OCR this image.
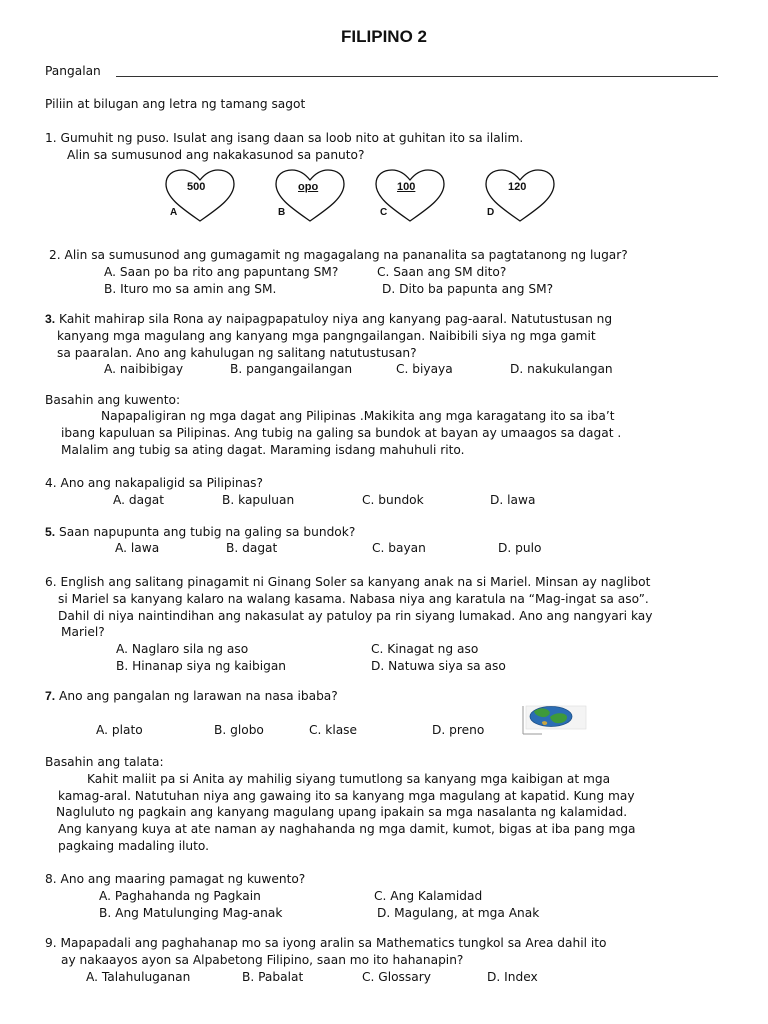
FILIPINO 2
Pangalan
Piliin at bilugan ang letra ng tamang sagot
1. Gumuhit ng puso. Isulat ang isang daan sa loob nito at guhitan ito sa ilalim.
Alin sa sumusunod ang nakakasunod sa panuto?
500
A
opo
B
100
C
120
D
2. Alin sa sumusunod ang gumagamit ng magagalang na pananalita sa pagtatanong ng lugar?
A. Saan po ba rito ang papuntang SM?	C. Saan ang SM dito?
B. Ituro mo sa amin ang SM.	D. Dito ba papunta ang SM?
3. Kahit mahirap sila Rona ay naipagpapatuloy niya ang kanyang pag-aaral. Natutustusan ng
kanyang mga magulang ang kanyang mga pangngailangan. Naibibili siya ng mga gamit
sa paaralan. Ano ang kahulugan ng salitang natutustusan?
A. naibibigay	B. pangangailangan	C. biyaya	D. nakukulangan
Basahin ang kuwento:
Napapaligiran ng mga dagat ang Pilipinas .Makikita ang mga karagatang ito sa iba’t
ibang kapuluan sa Pilipinas. Ang tubig na galing sa bundok at bayan ay umaagos sa dagat .
Malalim ang tubig sa ating dagat. Maraming isdang mahuhuli rito.
4. Ano ang nakapaligid sa Pilipinas?
A. dagat	B. kapuluan	C. bundok	D. lawa
5. Saan napupunta ang tubig na galing sa bundok?
A. lawa	B. dagat	C. bayan	D. pulo
6. English ang salitang pinagamit ni Ginang Soler sa kanyang anak na si Mariel. Minsan ay naglibot
si Mariel sa kanyang kalaro na walang kasama. Nabasa niya ang karatula na “Mag-ingat sa aso”.
Dahil di niya naintindihan ang nakasulat ay patuloy pa rin siyang lumakad. Ano ang nangyari kay
Mariel?
A. Naglaro sila ng aso	C. Kinagat ng aso
B. Hinanap siya ng kaibigan	D. Natuwa siya sa aso
7. Ano ang pangalan ng larawan na nasa ibaba?
A. plato	B. globo	C. klase	D. preno
Basahin ang talata:
Kahit maliit pa si Anita ay mahilig siyang tumutlong sa kanyang mga kaibigan at mga
kamag-aral. Natutuhan niya ang gawaing ito sa kanyang mga magulang at kapatid. Kung may
Nagluluto ng pagkain ang kanyang magulang upang ipakain sa mga nasalanta ng kalamidad.
Ang kanyang kuya at ate naman ay naghahanda ng mga damit, kumot, bigas at iba pang mga
pagkaing madaling iluto.
8. Ano ang maaring pamagat ng kuwento?
A. Paghahanda ng Pagkain	C. Ang Kalamidad
B. Ang Matulunging Mag-anak	D. Magulang, at mga Anak
9. Mapapadali ang paghahanap mo sa iyong aralin sa Mathematics tungkol sa Area dahil ito
ay nakaayos ayon sa Alpabetong Filipino, saan mo ito hahanapin?
A. Talahuluganan	B. Pabalat	C. Glossary	D. Index
